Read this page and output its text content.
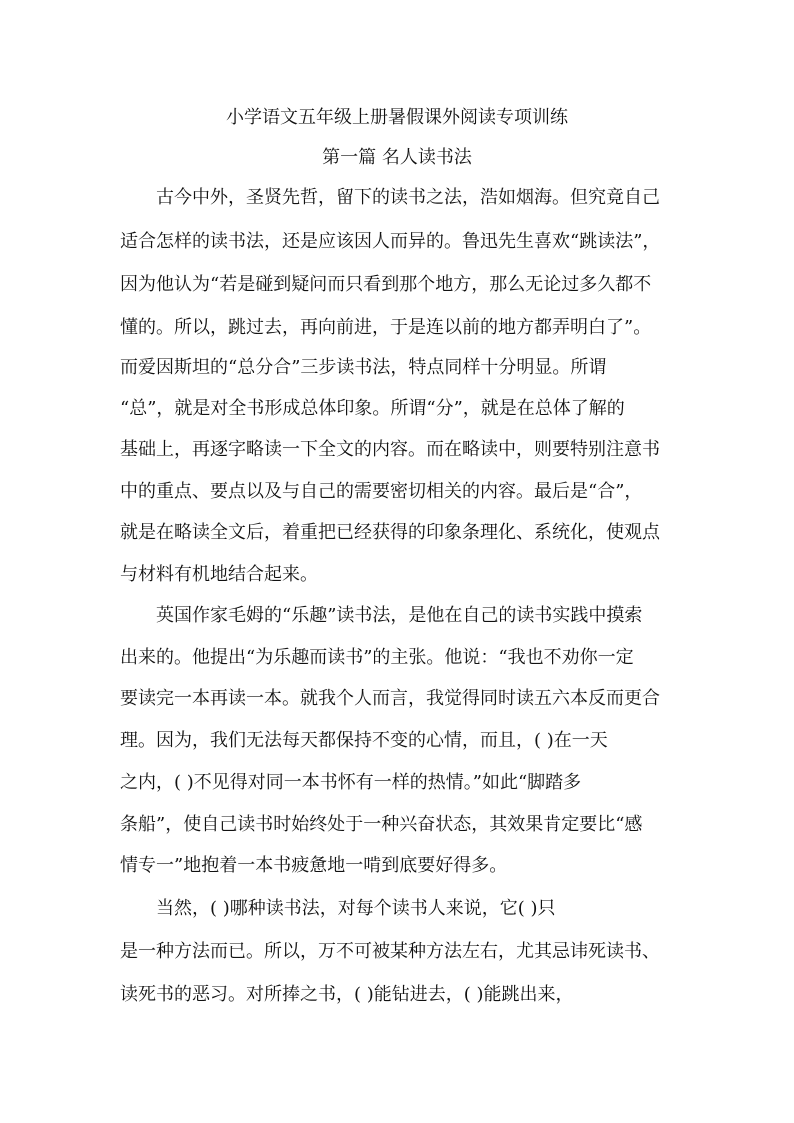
小学语文五年级上册暑假课外阅读专项训练
第一篇 名人读书法
古今中外，圣贤先哲，留下的读书之法，浩如烟海。但究竟自己
适合怎样的读书法，还是应该因人而异的。鲁迅先生喜欢“跳读法”，
因为他认为“若是碰到疑问而只看到那个地方，那么无论过多久都不
懂的。所以，跳过去，再向前进，于是连以前的地方都弄明白了”。
而爱因斯坦的“总分合”三步读书法，特点同样十分明显。所谓
“总”，就是对全书形成总体印象。所谓“分”，就是在总体了解的
基础上，再逐字略读一下全文的内容。而在略读中，则要特别注意书
中的重点、要点以及与自己的需要密切相关的内容。最后是“合”，
就是在略读全文后，着重把已经获得的印象条理化、系统化，使观点
与材料有机地结合起来。
英国作家毛姆的“乐趣”读书法，是他在自己的读书实践中摸索
出来的。他提出“为乐趣而读书”的主张。他说：“我也不劝你一定
要读完一本再读一本。就我个人而言，我觉得同时读五六本反而更合
理。因为，我们无法每天都保持不变的心情，而且，( )在一天
之内，( )不见得对同一本书怀有一样的热情。”如此“脚踏多
条船”，使自己读书时始终处于一种兴奋状态，其效果肯定要比“感
情专一”地抱着一本书疲惫地一啃到底要好得多。
当然，( )哪种读书法，对每个读书人来说，它( )只
是一种方法而已。所以，万不可被某种方法左右，尤其忌讳死读书、
读死书的恶习。对所捧之书，( )能钻进去，( )能跳出来，
